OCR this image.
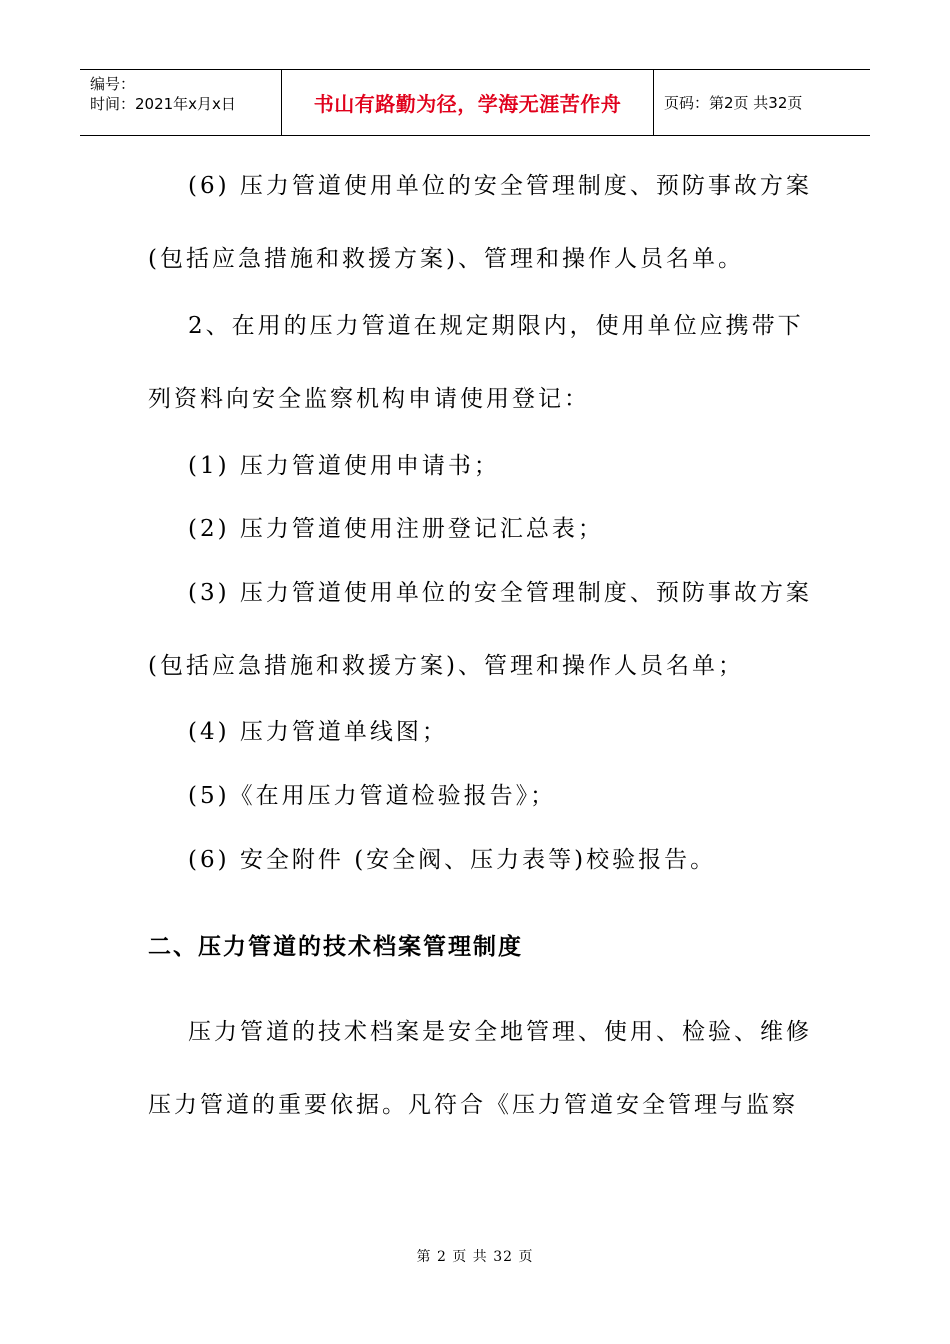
编号：
时间：2021年x月x日	书山有路勤为径，学海无涯苦作舟	页码：第2页 共32页

(6) 压力管道使用单位的安全管理制度、预防事故方案

(包括应急措施和救援方案)、管理和操作人员名单。

2、在用的压力管道在规定期限内，使用单位应携带下

列资料向安全监察机构申请使用登记：

(1) 压力管道使用申请书；

(2) 压力管道使用注册登记汇总表；

(3) 压力管道使用单位的安全管理制度、预防事故方案

(包括应急措施和救援方案)、管理和操作人员名单；

(4) 压力管道单线图；

(5)《在用压力管道检验报告》；

(6) 安全附件 (安全阀、压力表等)校验报告。

二、压力管道的技术档案管理制度

压力管道的技术档案是安全地管理、使用、检验、维修

压力管道的重要依据。凡符合《压力管道安全管理与监察

第 2 页 共 32 页
